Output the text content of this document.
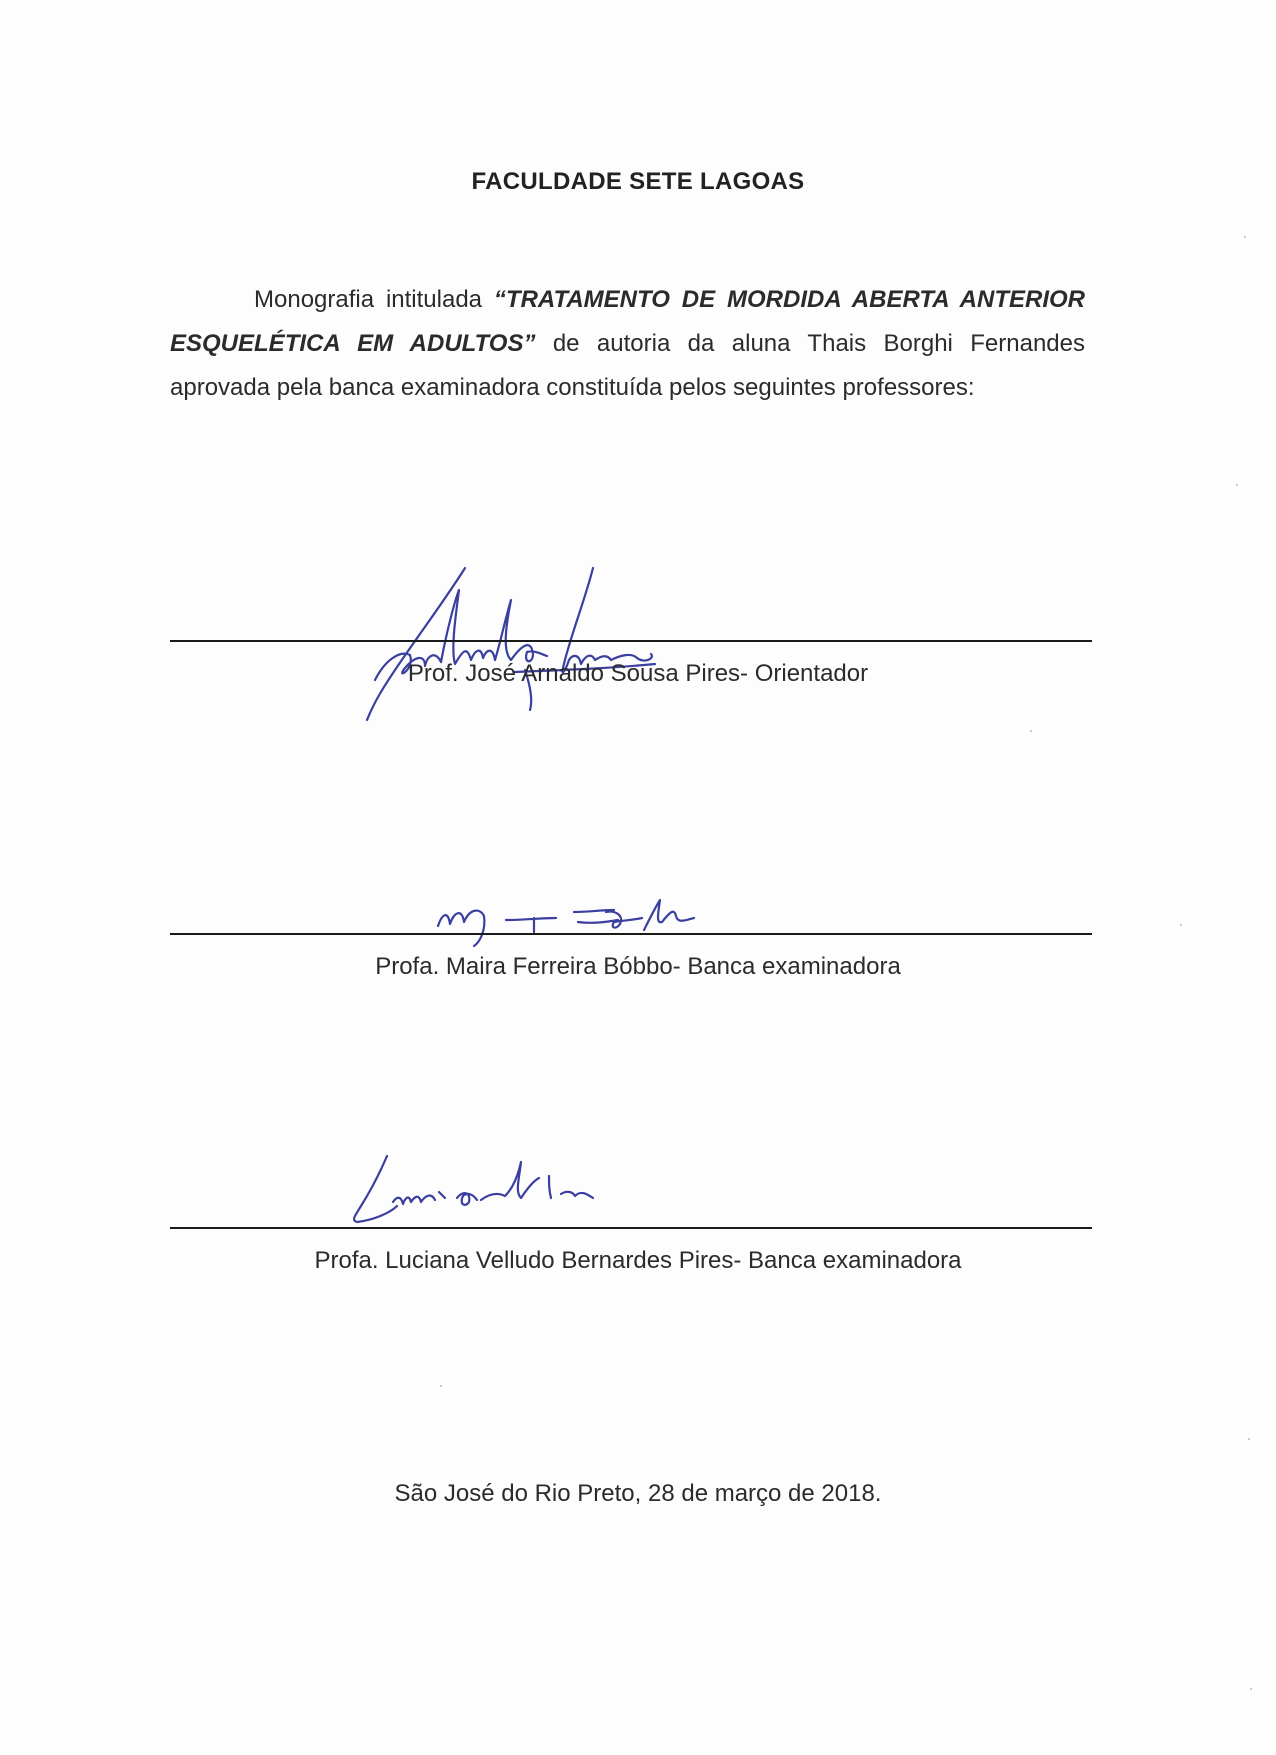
FACULDADE SETE LAGOAS
Monografia intitulada “TRATAMENTO DE MORDIDA ABERTA ANTERIOR ESQUELÉTICA EM ADULTOS” de autoria da aluna Thais Borghi Fernandes aprovada pela banca examinadora constituída pelos seguintes professores:
Prof. José Arnaldo Sousa Pires- Orientador
Profa. Maira Ferreira Bóbbo- Banca examinadora
Profa. Luciana Velludo Bernardes Pires- Banca examinadora
São José do Rio Preto, 28 de março de 2018.
